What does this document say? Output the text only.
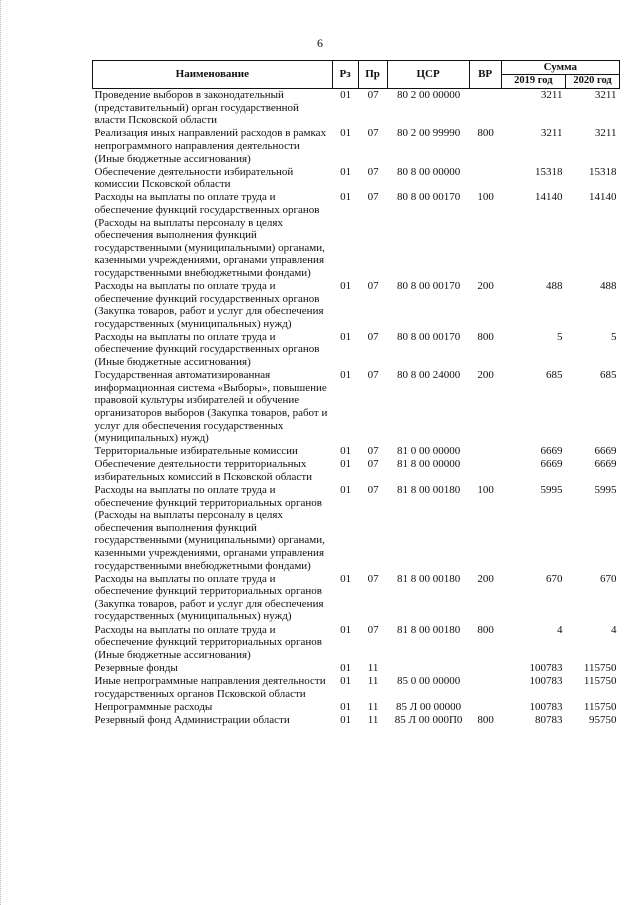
6
Наименование	Рз	Пр	ЦСР	ВР	Сумма	
					2019 год	2020 год
Проведение выборов в законодательный (представительный) орган государственной власти Псковской области	01	07	80 2 00 00000		3211	3211
Реализация иных направлений расходов в рамках непрограммного направления деятельности (Иные бюджетные ассигнования)	01	07	80 2 00 99990	800	3211	3211
Обеспечение деятельности избирательной комиссии Псковской области	01	07	80 8 00 00000		15318	15318
Расходы на выплаты по оплате труда и обеспечение функций государственных органов (Расходы на выплаты персоналу в целях обеспечения выполнения функций государственными (муниципальными) органами, казенными учреждениями, органами управления государственными внебюджетными фондами)	01	07	80 8 00 00170	100	14140	14140
Расходы на выплаты по оплате труда и обеспечение функций государственных органов (Закупка товаров, работ и услуг для обеспечения государственных (муниципальных) нужд)	01	07	80 8 00 00170	200	488	488
Расходы на выплаты по оплате труда и обеспечение функций государственных органов (Иные бюджетные ассигнования)	01	07	80 8 00 00170	800	5	5
Государственная автоматизированная информационная система «Выборы», повышение правовой культуры избирателей и обучение организаторов выборов (Закупка товаров, работ и услуг для обеспечения государственных (муниципальных) нужд)	01	07	80 8 00 24000	200	685	685
Территориальные избирательные комиссии	01	07	81 0 00 00000		6669	6669
Обеспечение деятельности территориальных избирательных комиссий в Псковской области	01	07	81 8 00 00000		6669	6669
Расходы на выплаты по оплате труда и обеспечение функций территориальных органов (Расходы на выплаты персоналу в целях обеспечения выполнения функций государственными (муниципальными) органами, казенными учреждениями, органами управления государственными внебюджетными фондами)	01	07	81 8 00 00180	100	5995	5995
Расходы на выплаты по оплате труда и обеспечение функций территориальных органов (Закупка товаров, работ и услуг для обеспечения государственных (муниципальных) нужд)	01	07	81 8 00 00180	200	670	670
Расходы на выплаты по оплате труда и обеспечение функций территориальных органов (Иные бюджетные ассигнования)	01	07	81 8 00 00180	800	4	4
Резервные фонды	01	11			100783	115750
Иные непрограммные направления деятельности государственных органов Псковской области	01	11	85 0 00 00000		100783	115750
Непрограммные расходы	01	11	85 Л 00 00000		100783	115750
Резервный фонд Администрации области	01	11	85 Л 00 000П0	800	80783	95750
